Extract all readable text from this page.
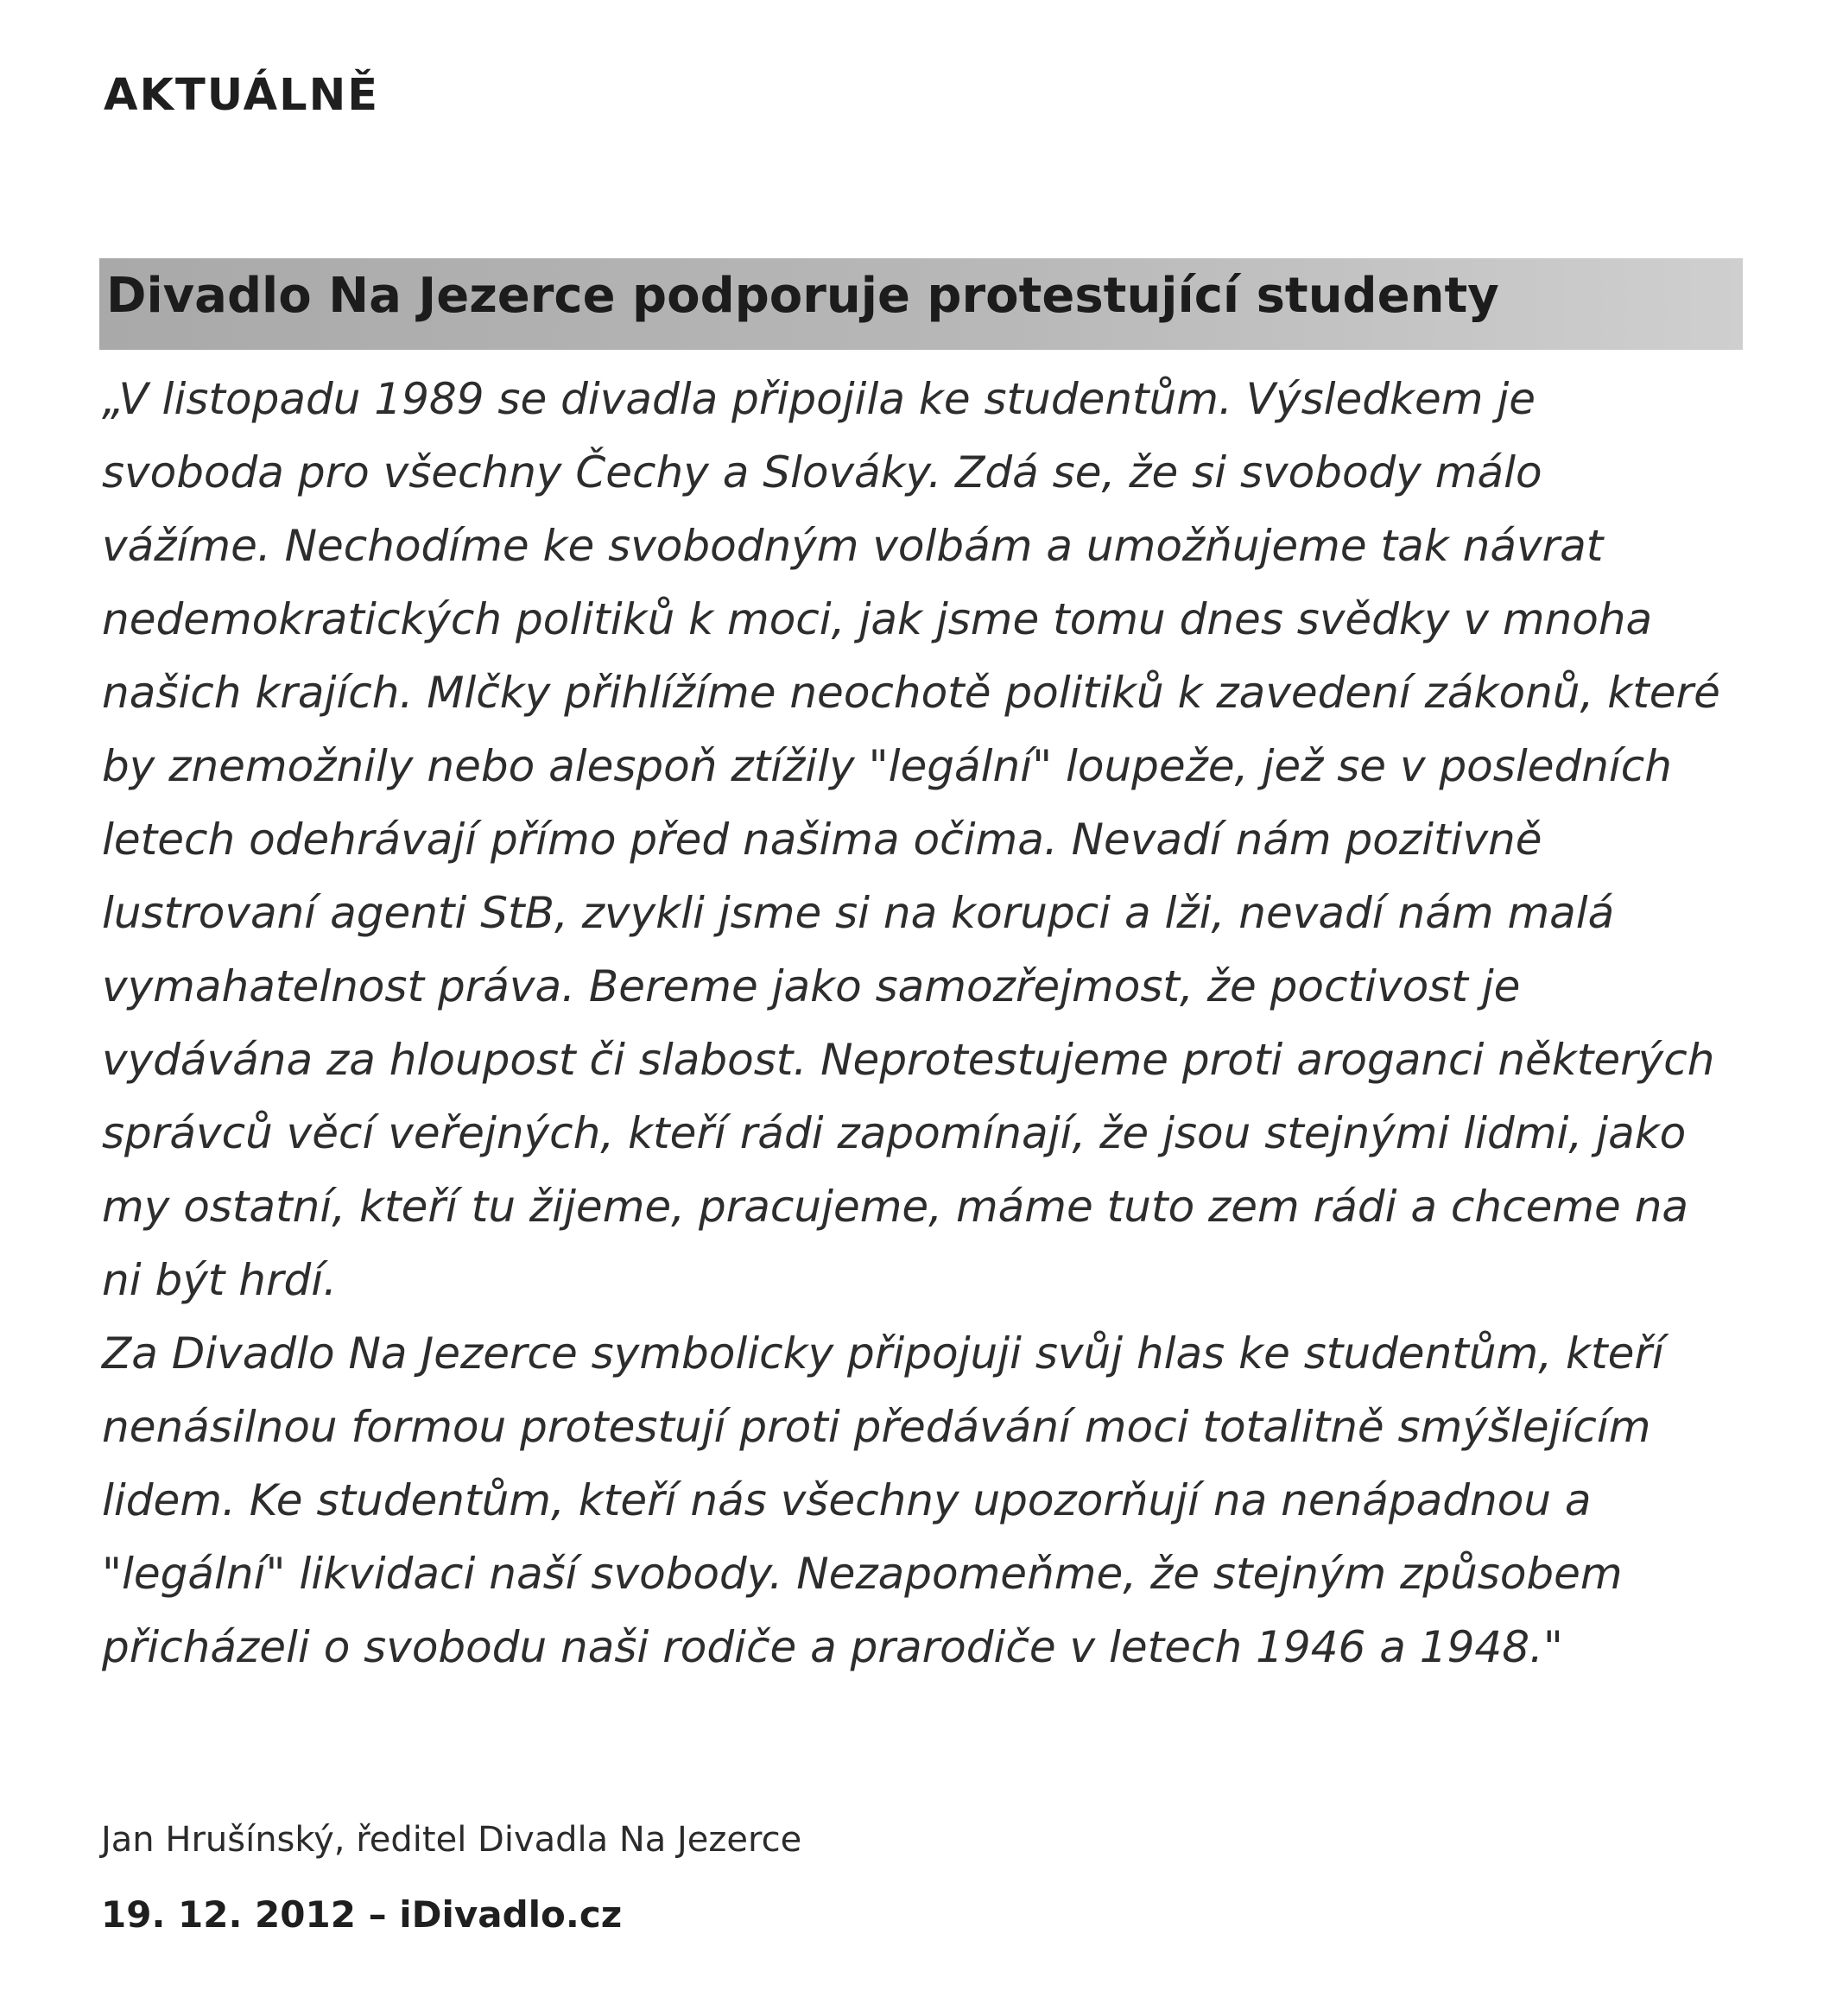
AKTUÁLNĚ
Divadlo Na Jezerce podporuje protestující studenty
„V listopadu 1989 se divadla připojila ke studentům. Výsledkem je
svoboda pro všechny Čechy a Slováky. Zdá se, že si svobody málo
vážíme. Nechodíme ke svobodným volbám a umožňujeme tak návrat
nedemokratických politiků k moci, jak jsme tomu dnes svědky v mnoha
našich krajích. Mlčky přihlížíme neochotě politiků k zavedení zákonů, které
by znemožnily nebo alespoň ztížily "legální" loupeže, jež se v posledních
letech odehrávají přímo před našima očima. Nevadí nám pozitivně
lustrovaní agenti StB, zvykli jsme si na korupci a lži, nevadí nám malá
vymahatelnost práva. Bereme jako samozřejmost, že poctivost je
vydávána za hloupost či slabost. Neprotestujeme proti aroganci některých
správců věcí veřejných, kteří rádi zapomínají, že jsou stejnými lidmi, jako
my ostatní, kteří tu žijeme, pracujeme, máme tuto zem rádi a chceme na
ni být hrdí.
Za Divadlo Na Jezerce symbolicky připojuji svůj hlas ke studentům, kteří
nenásilnou formou protestují proti předávání moci totalitně smýšlejícím
lidem. Ke studentům, kteří nás všechny upozorňují na nenápadnou a
"legální" likvidaci naší svobody. Nezapomeňme, že stejným způsobem
přicházeli o svobodu naši rodiče a prarodiče v letech 1946 a 1948."

Jan Hrušínský, ředitel Divadla Na Jezerce

19. 12. 2012 – iDivadlo.cz
